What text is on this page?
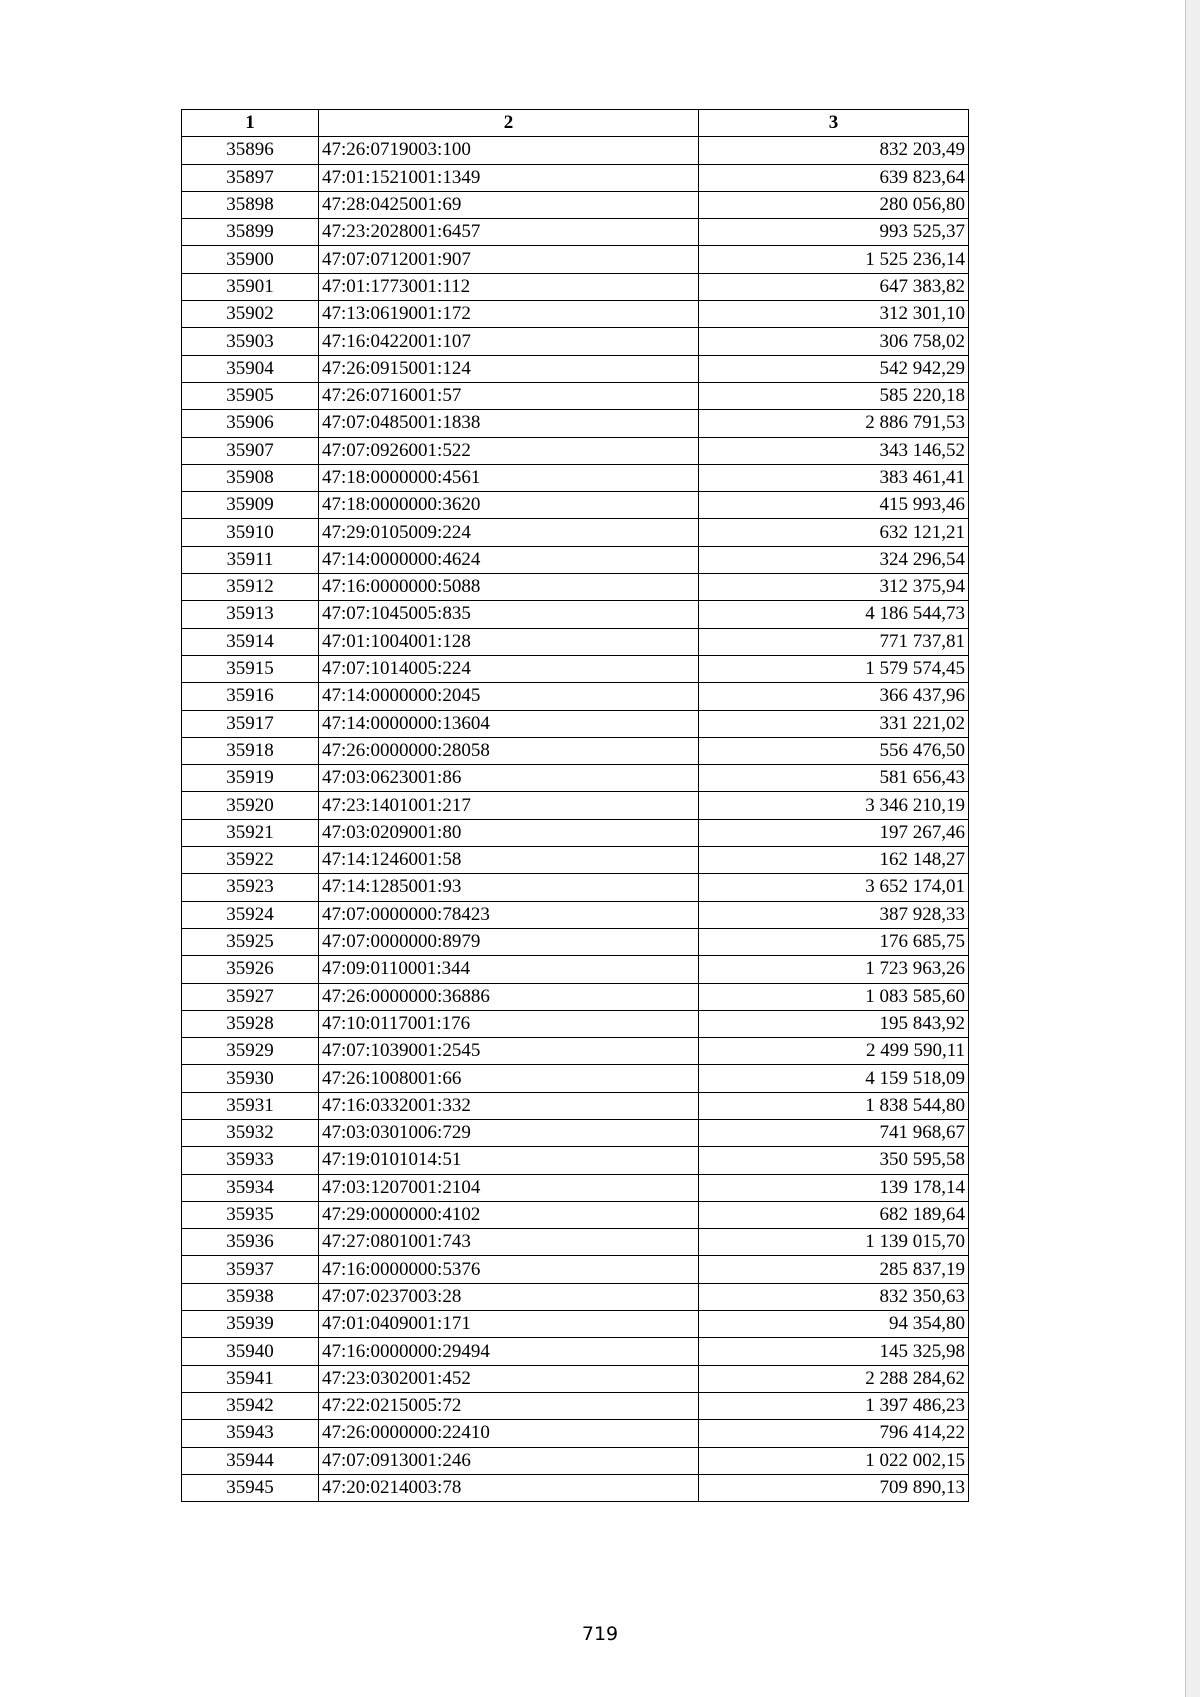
1	2	3
35896	47:26:0719003:100	832 203,49
35897	47:01:1521001:1349	639 823,64
35898	47:28:0425001:69	280 056,80
35899	47:23:2028001:6457	993 525,37
35900	47:07:0712001:907	1 525 236,14
35901	47:01:1773001:112	647 383,82
35902	47:13:0619001:172	312 301,10
35903	47:16:0422001:107	306 758,02
35904	47:26:0915001:124	542 942,29
35905	47:26:0716001:57	585 220,18
35906	47:07:0485001:1838	2 886 791,53
35907	47:07:0926001:522	343 146,52
35908	47:18:0000000:4561	383 461,41
35909	47:18:0000000:3620	415 993,46
35910	47:29:0105009:224	632 121,21
35911	47:14:0000000:4624	324 296,54
35912	47:16:0000000:5088	312 375,94
35913	47:07:1045005:835	4 186 544,73
35914	47:01:1004001:128	771 737,81
35915	47:07:1014005:224	1 579 574,45
35916	47:14:0000000:2045	366 437,96
35917	47:14:0000000:13604	331 221,02
35918	47:26:0000000:28058	556 476,50
35919	47:03:0623001:86	581 656,43
35920	47:23:1401001:217	3 346 210,19
35921	47:03:0209001:80	197 267,46
35922	47:14:1246001:58	162 148,27
35923	47:14:1285001:93	3 652 174,01
35924	47:07:0000000:78423	387 928,33
35925	47:07:0000000:8979	176 685,75
35926	47:09:0110001:344	1 723 963,26
35927	47:26:0000000:36886	1 083 585,60
35928	47:10:0117001:176	195 843,92
35929	47:07:1039001:2545	2 499 590,11
35930	47:26:1008001:66	4 159 518,09
35931	47:16:0332001:332	1 838 544,80
35932	47:03:0301006:729	741 968,67
35933	47:19:0101014:51	350 595,58
35934	47:03:1207001:2104	139 178,14
35935	47:29:0000000:4102	682 189,64
35936	47:27:0801001:743	1 139 015,70
35937	47:16:0000000:5376	285 837,19
35938	47:07:0237003:28	832 350,63
35939	47:01:0409001:171	94 354,80
35940	47:16:0000000:29494	145 325,98
35941	47:23:0302001:452	2 288 284,62
35942	47:22:0215005:72	1 397 486,23
35943	47:26:0000000:22410	796 414,22
35944	47:07:0913001:246	1 022 002,15
35945	47:20:0214003:78	709 890,13
719
